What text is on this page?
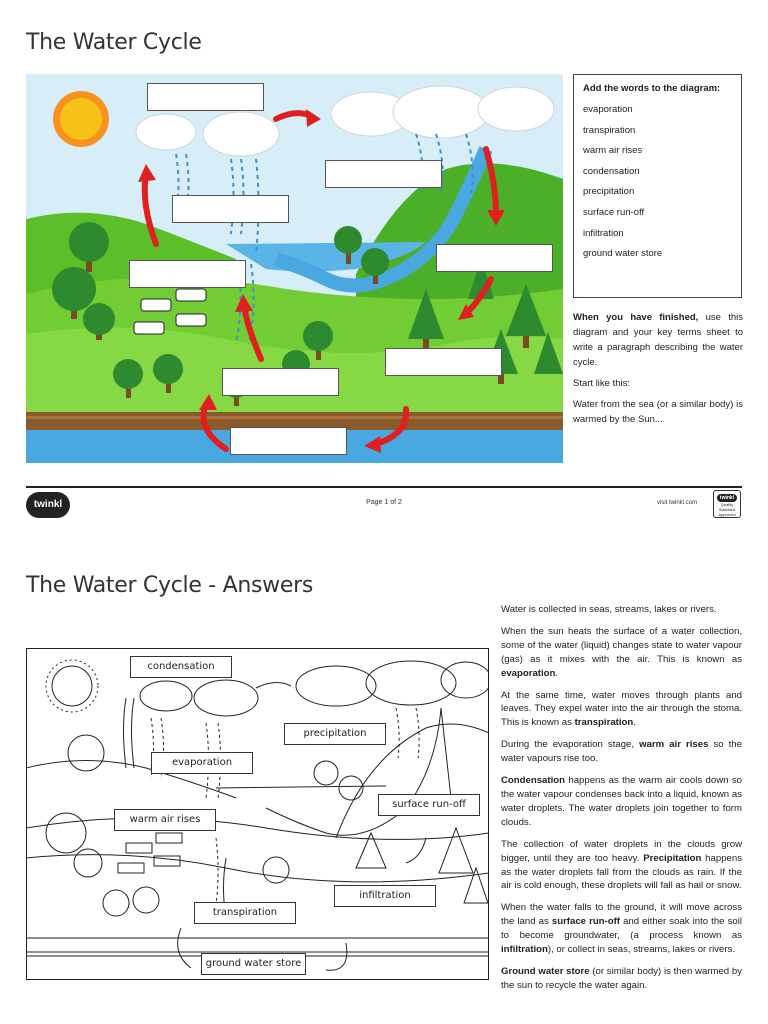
The Water Cycle
Add the words to the diagram:
evaporation
transpiration
warm air rises
condensation
precipitation
surface run-off
infiltration
ground water store

When you have finished, use this diagram and your key terms sheet to write a paragraph describing the water cycle.

Start like this:

Water from the sea (or a similar body) is warmed by the Sun...

twinkl	Page 1 of 2	visit twinkl.com
twinkl
Quality Standard Approved
The Water Cycle - Answers
condensation
precipitation
evaporation
surface run-off
warm air rises
infiltration
transpiration
ground water store

Water is collected in seas, streams, lakes or rivers.

When the sun heats the surface of a water collection, some of the water (liquid) changes state to water vapour (gas) as it mixes with the air. This is known as evaporation.

At the same time, water moves through plants and leaves. They expel water into the air through the stoma. This is known as transpiration.

During the evaporation stage, warm air rises so the water vapours rise too.

Condensation happens as the warm air cools down so the water vapour condenses back into a liquid, known as water droplets. The water droplets join together to form clouds.

The collection of water droplets in the clouds grow bigger, until they are too heavy. Precipitation happens as the water droplets fall from the clouds as rain. If the air is cold enough, these droplets will fall as hail or snow.

When the water falls to the ground, it will move across the land as surface run-off and either soak into the soil to become groundwater, (a process known as infiltration), or collect in seas, streams, lakes or rivers.

Ground water store (or similar body) is then warmed by the sun to recycle the water again.
